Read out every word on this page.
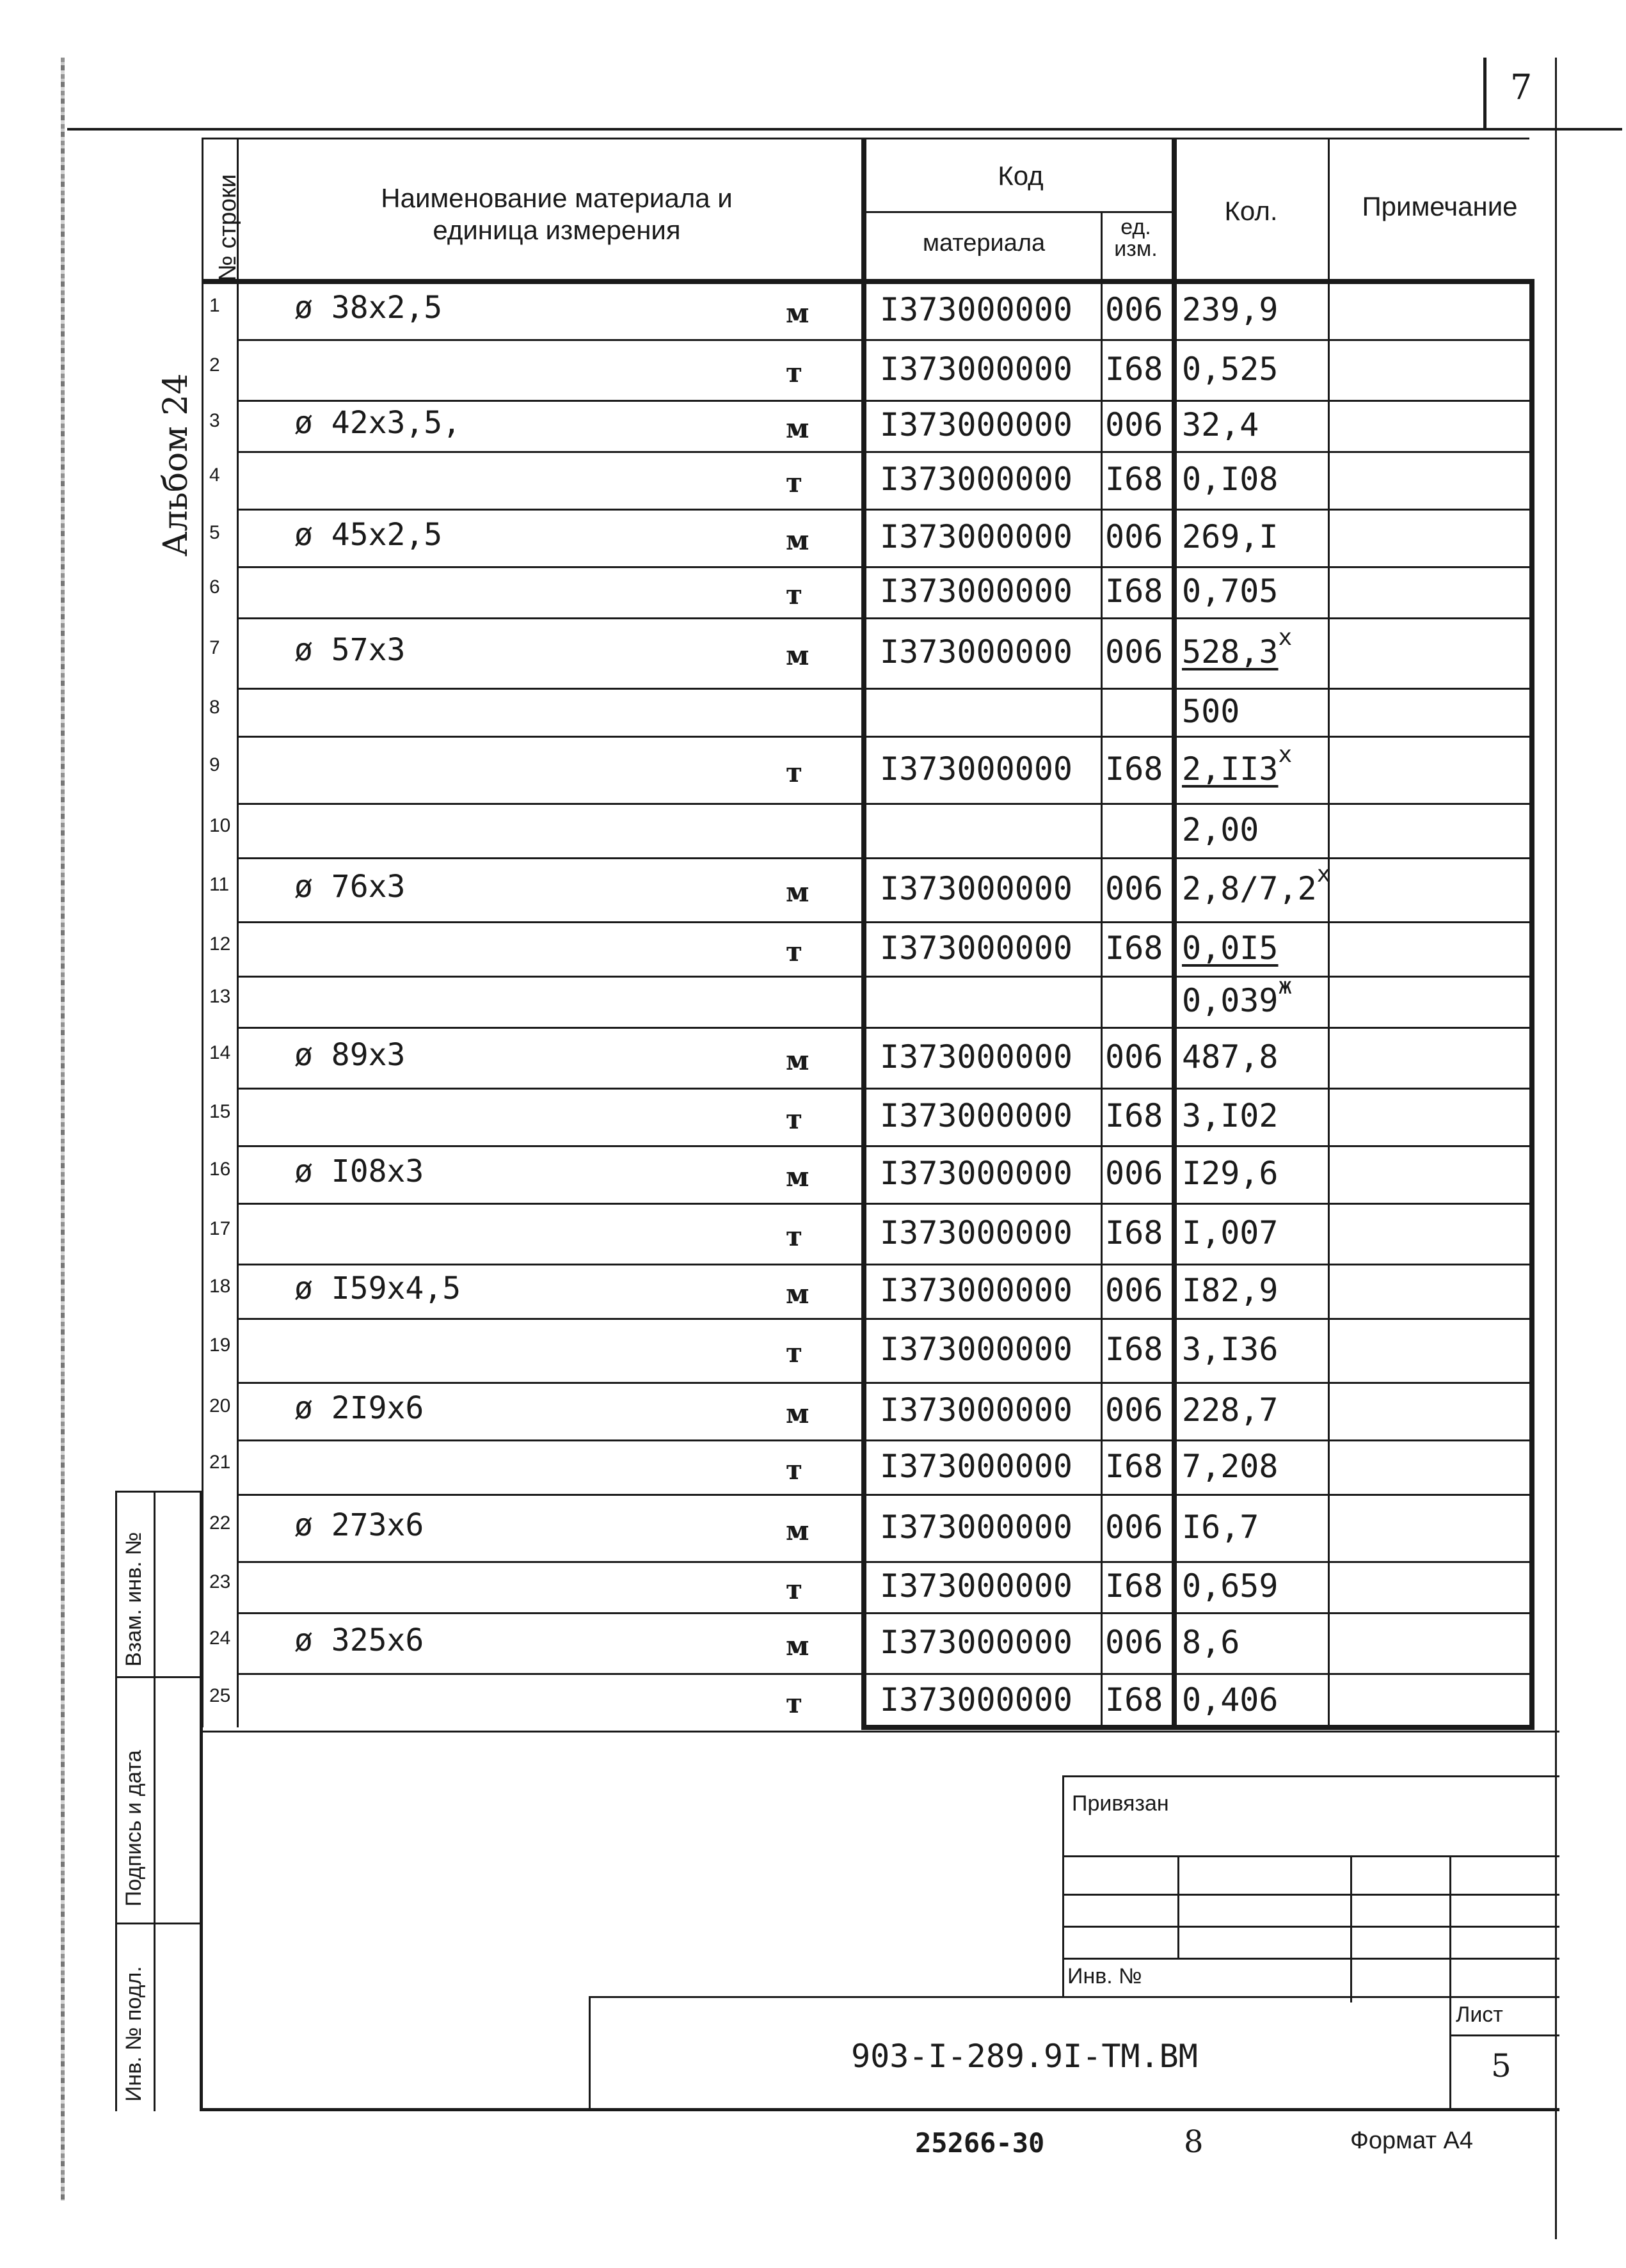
7
Альбом 24
1 ø 38x2,5	м I373000000 006 239,9
2	т I373000000 I68 0,525
3 ø 42x3,5,	м I373000000 006 32,4
4	т I373000000 I68 0,I08
5 ø 45x2,5	м I373000000 006 269,I
6	т I373000000 I68 0,705
7 ø 57x3	м I373000000 006 528,3$^x$
8	500
9	т I373000000 I68 2,II3$^x$
10	2,00
11 ø 76x3	м I373000000 006 2,8/7,2$^x$
12	т I373000000 I68 0,0I5
13	$0,039^ж$
14 ø 89x3	м I373000000 006 487,8
15	т I373000000 I68 3,I02
16 ø I08x3	м I373000000 006 I29,6
17	т I373000000 I68 I,007
18 ø I59x4,5	м I373000000 006 I82,9
19	т I373000000 I68 3,I36
20 ø 2I9x6	м I373000000 006 228,7
21	т I373000000 I68 7,208
22 ø 273x6	м I373000000 006 I6,7
23	т I373000000 I68 0,659
24 ø 325x6	м I373000000 006 8,6
25	т I373000000 I68 0,406
№ строки	Наименование материала и единица измерения
Код
материала
ед. изм.
Кол.	Примечание
Взам. инв. №
Подпись и дата
Инв. № подл.
Привязан
Инв. №
903-I-289.9I-TM.BM
Лист
5
25266-30	8	Формат А4
